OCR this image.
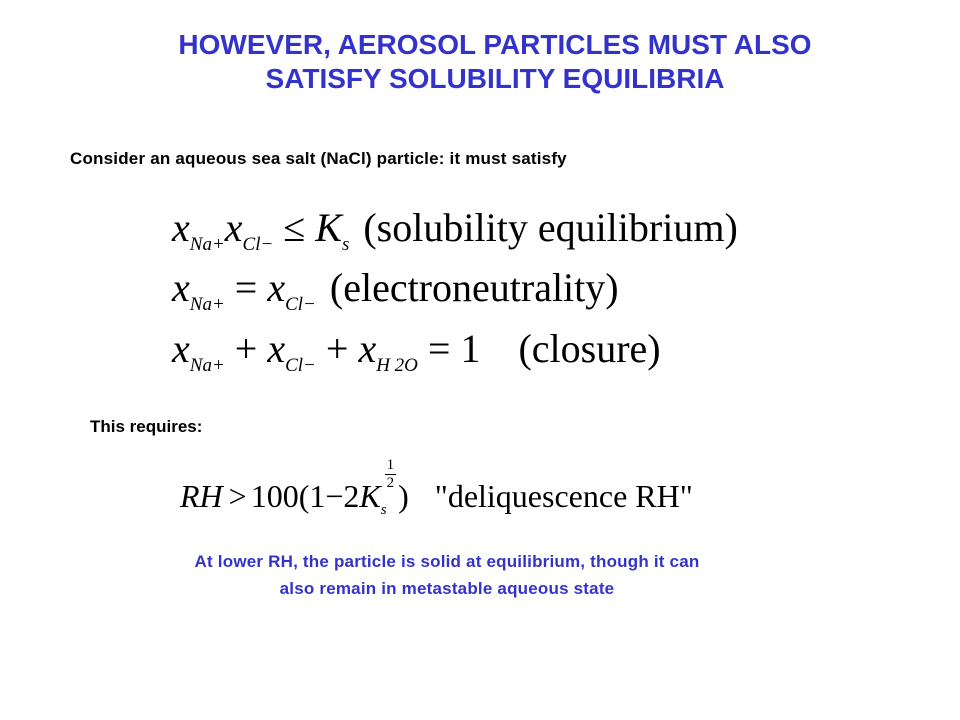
HOWEVER, AEROSOL PARTICLES MUST ALSO
SATISFY SOLUBILITY EQUILIBRIA
Consider an aqueous sea salt (NaCl) particle: it must satisfy
$x_{Na+}x_{Cl-} \le K_s$ (solubility equilibrium)
$x_{Na+} = x_{Cl-}$ (electroneutrality)
$x_{Na+} + x_{Cl-} + x_{H 2O} = 1$ (closure)
This requires:
RH > $100(1-2K_s$
$\frac{1}{2}$
) "deliquescence RH"
At lower RH, the particle is solid at equilibrium, though it can
also remain in metastable aqueous state
